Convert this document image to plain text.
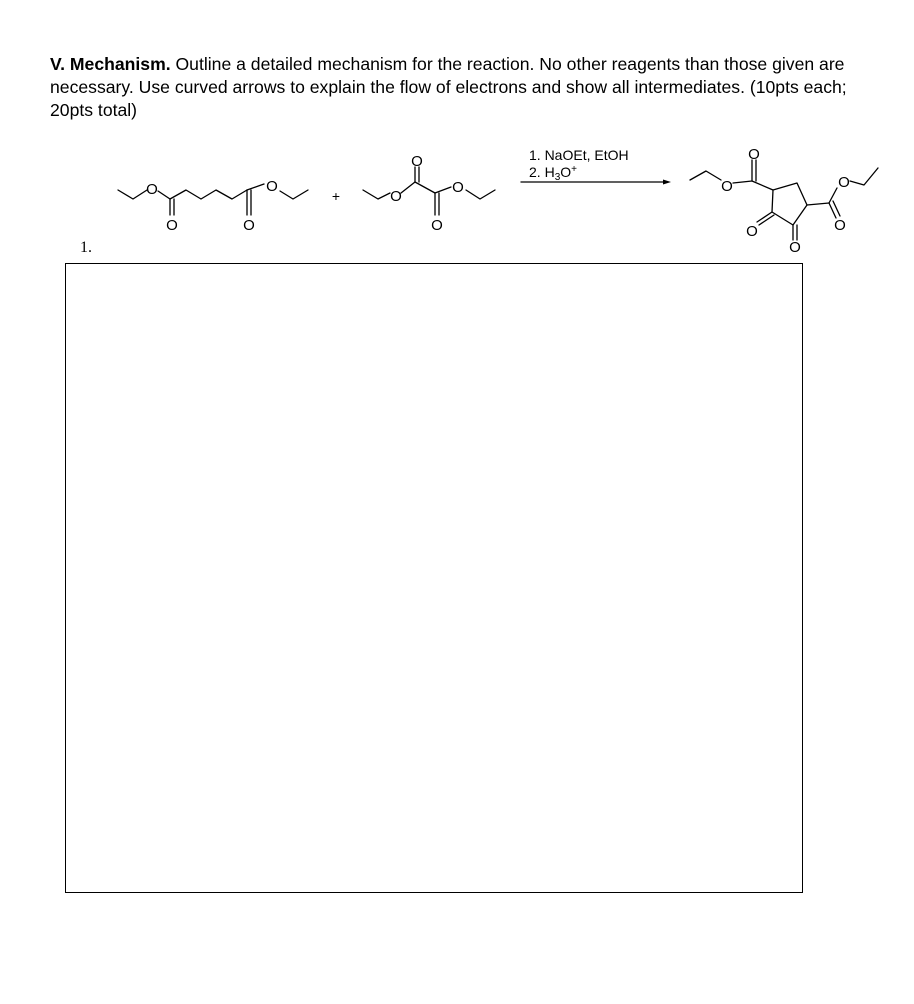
V. Mechanism. Outline a detailed mechanism for the reaction. No other reagents than those given are necessary. Use curved arrows to explain the flow of electrons and show all intermediates. (10pts each; 20pts total)
O
O	O
O
O
O
O
O	O
O
O
O
O
O
+
1. NaOEt, EtOH
2. $H_3O^+$
1.
